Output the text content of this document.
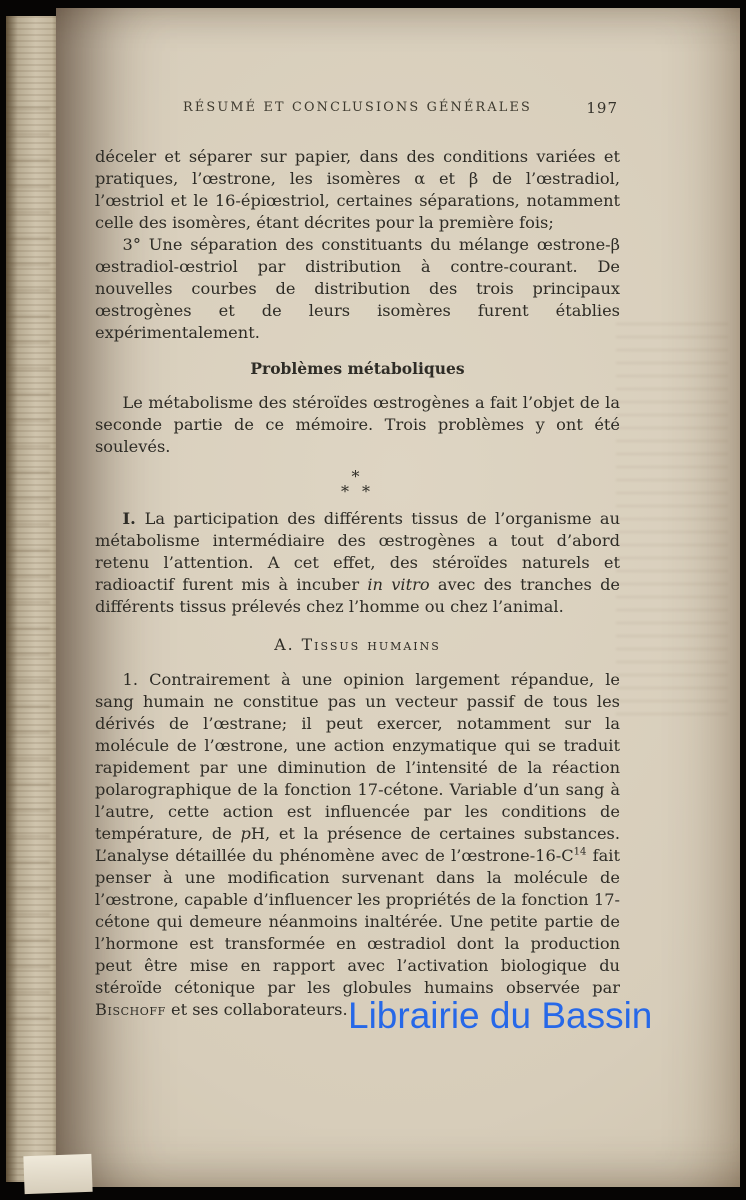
RÉSUMÉ ET CONCLUSIONS GÉNÉRALES	197

déceler et séparer sur papier, dans des conditions variées et pratiques, l’œstrone, les isomères α et β de l’œstradiol, l’œstriol et le 16-épiœstriol, certaines séparations, notamment celle des isomères, étant décrites pour la première fois;

3° Une séparation des constituants du mélange œstrone-β œstradiol-œstriol par distribution à contre-courant. De nouvelles courbes de distribution des trois principaux œstrogènes et de leurs isomères furent établies expérimentalement.

Problèmes métaboliques

Le métabolisme des stéroïdes œstrogènes a fait l’objet de la seconde partie de ce mémoire. Trois problèmes y ont été soulevés.

*
* *

I. La participation des différents tissus de l’organisme au métabolisme intermédiaire des œstrogènes a tout d’abord retenu l’attention. A cet effet, des stéroïdes naturels et radioactif furent mis à incuber in vitro avec des tranches de différents tissus prélevés chez l’homme ou chez l’animal.

A. Tissus humains

1. Contrairement à une opinion largement répandue, le sang humain ne constitue pas un vecteur passif de tous les dérivés de l’œstrane; il peut exercer, notamment sur la molécule de l’œstrone, une action enzymatique qui se traduit rapidement par une diminution de l’intensité de la réaction polarographique de la fonction 17-cétone. Variable d’un sang à l’autre, cette action est influencée par les conditions de température, de pH, et la présence de certaines substances. L’analyse détaillée du phénomène avec de $l’œstrone-16-C^{14}$ fait penser à une modification survenant dans la molécule de l’œstrone, capable d’influencer les propriétés de la fonction 17-cétone qui demeure néanmoins inaltérée. Une petite partie de l’hormone est transformée en œstradiol dont la production peut être mise en rapport avec l’activation biologique du stéroïde cétonique par les globules humains observée par Bischoff et ses collaborateurs. Librairie du Bassin
